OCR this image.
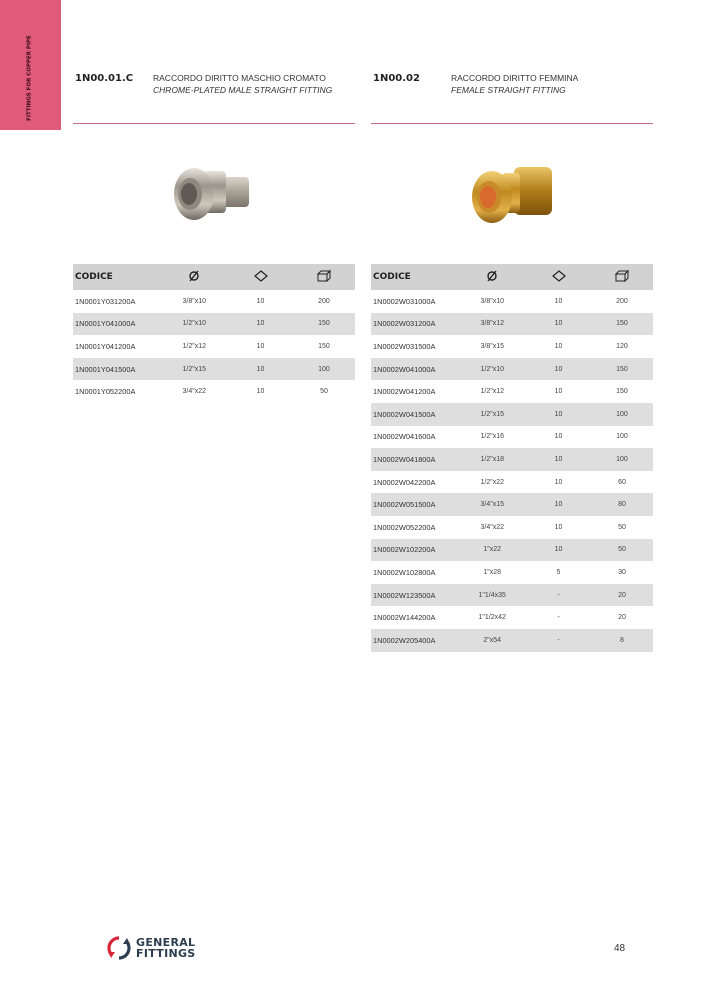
FITTINGS FOR COPPER PIPE	1N00.01.C RACCORDO DIRITTO MASCHIO CROMATO
CHROME-PLATED MALE STRAIGHT FITTING
CODICE			
1N0001Y031200A	3/8"x10	10	200
1N0001Y041000A	1/2"x10	10	150
1N0001Y041200A	1/2"x12	10	150
1N0001Y041500A	1/2"x15	10	100
1N0001Y052200A	3/4"x22	10	50
1N00.02	RACCORDO DIRITTO FEMMINA
FEMALE STRAIGHT FITTING
CODICE			
1N0002W031000A	3/8"x10	10	200
1N0002W031200A	3/8"x12	10	150
1N0002W031500A	3/8"x15	10	120
1N0002W041000A	1/2"x10	10	150
1N0002W041200A	1/2"x12	10	150
1N0002W041500A	1/2"x15	10	100
1N0002W041600A	1/2"x16	10	100
1N0002W041800A	1/2"x18	10	100
1N0002W042200A	1/2"x22	10	60
1N0002W051500A	3/4"x15	10	80
1N0002W052200A	3/4"x22	10	50
1N0002W102200A	1"x22	10	50
1N0002W102800A	1"x28	5	30
1N0002W123500A	1"1/4x35	-	20
1N0002W144200A	1"1/2x42	-	20
1N0002W205400A	2"x54	-	8
GENERAL
FITTINGS	48
